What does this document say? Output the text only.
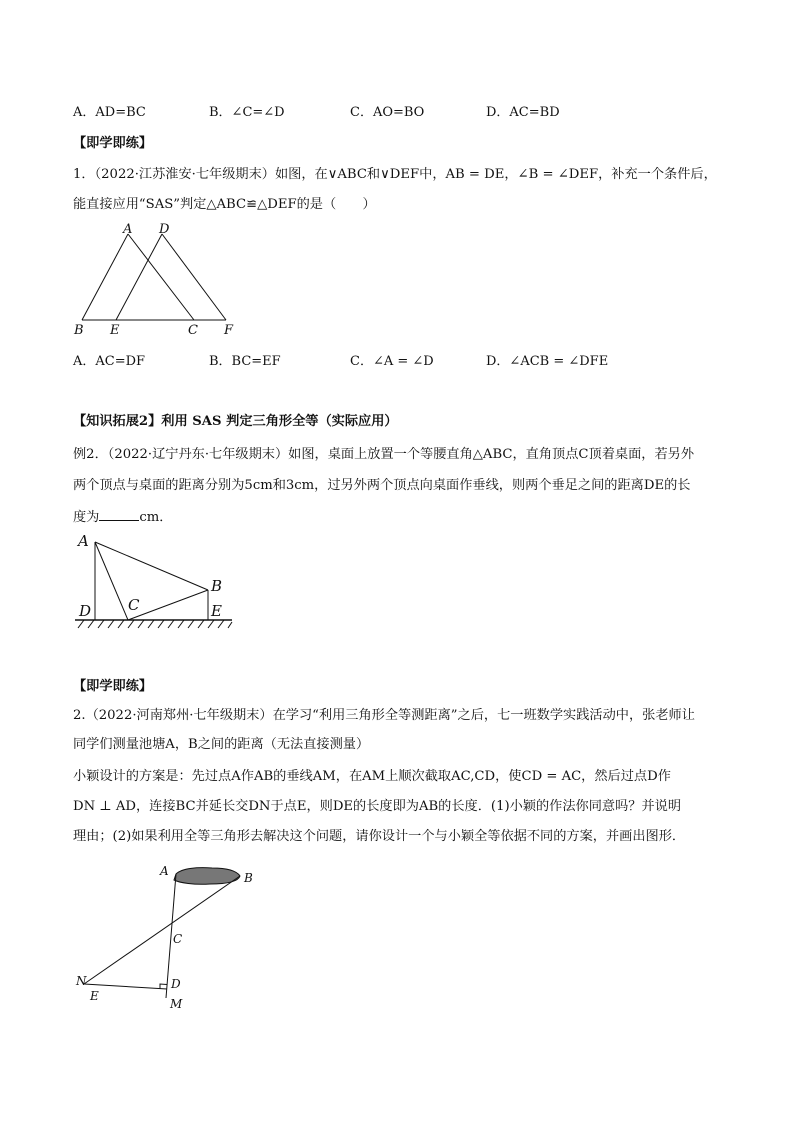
A．AD=BC	B．∠C=∠D	C．AO=BO	D．AC=BD
【即学即练】
1．（2022·江苏淮安·七年级期末）如图，在∨ABC和∨DEF中，AB = DE，∠B = ∠DEF，补充一个条件后，
能直接应用“SAS”判定△ABC≌△DEF的是（　　）
A D
B E	C F
A．AC=DF	B．BC=EF	C．∠A = ∠D	D．∠ACB = ∠DFE
【知识拓展2】利用 SAS 判定三角形全等（实际应用）
例2．（2022·辽宁丹东·七年级期末）如图，桌面上放置一个等腰直角△ABC，直角顶点C顶着桌面，若另外
两个顶点与桌面的距离分别为5cm和3cm，过另外两个顶点向桌面作垂线，则两个垂足之间的距离DE的长
度为	cm．
A
B
C
D	E
【即学即练】
2.（2022·河南郑州·七年级期末）在学习“利用三角形全等测距离”之后，七一班数学实践活动中，张老师让
同学们测量池塘A，B之间的距离（无法直接测量）
小颖设计的方案是：先过点A作AB的垂线AM，在AM上顺次截取AC,CD，使CD = AC，然后过点D作
DN ⊥ AD，连接BC并延长交DN于点E，则DE的长度即为AB的长度．(1)小颖的作法你同意吗？并说明
理由；(2)如果利用全等三角形去解决这个问题，请你设计一个与小颖全等依据不同的方案，并画出图形．
A	B
C
N	D
E
M
